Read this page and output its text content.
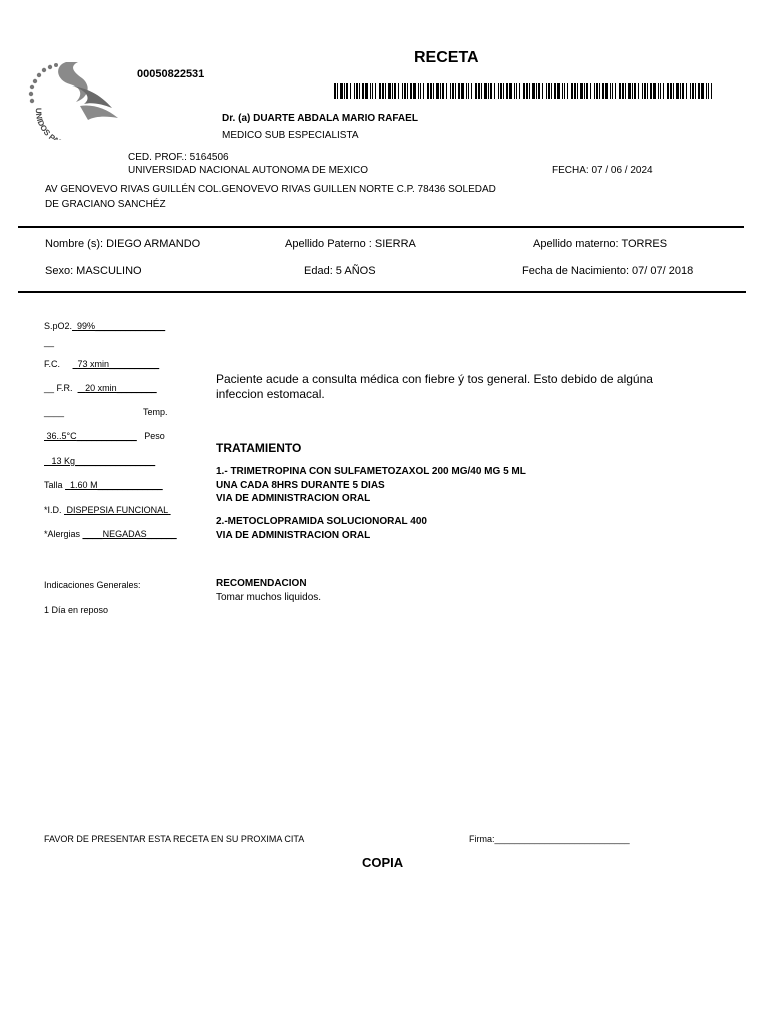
UNIDOS P
00050822531
RECETA
Dr. (a) DUARTE ABDALA MARIO RAFAEL
MEDICO SUB ESPECIALISTA
CED. PROF.: 5164506
UNIVERSIDAD NACIONAL AUTONOMA DE MEXICO	FECHA: 07 / 06 / 2024
AV GENOVEVO RIVAS GUILLÉN COL.GENOVEVO RIVAS GUILLEN NORTE C.P. 78436 SOLEDAD
DE GRACIANO SANCHÉZ
Nombre (s): DIEGO ARMANDO	Apellido Paterno : SIERRA	Apellido materno: TORRES
Sexo: MASCULINO	Edad: 5 AÑOS	Fecha de Nacimiento: 07/ 07/ 2018
S.pO2. 99%______________
__
F.C. 73 xmin__________
__ F.R. 20 xmin________
____	Temp.
36..5°C____________ Peso
13 Kg________________
Talla 1.60 M_____________
*I.D. DISPEPSIA FUNCIONAL
*Alergias ____NEGADAS______
Paciente acude a consulta médica con fiebre ý tos general. Esto debido de algúna
infeccion estomacal.
TRATAMIENTO
1.- TRIMETROPINA CON SULFAMETOZAXOL 200 MG/40 MG 5 ML
UNA CADA 8HRS DURANTE 5 DIAS
VIA DE ADMINISTRACION ORAL
2.-METOCLOPRAMIDA SOLUCIONORAL 400
VIA DE ADMINISTRACION ORAL
Indicaciones Generales:
1 Día en reposo
RECOMENDACION
Tomar muchos liquidos.
FAVOR DE PRESENTAR ESTA RECETA EN SU PROXIMA CITA	Firma:___________________________
COPIA
